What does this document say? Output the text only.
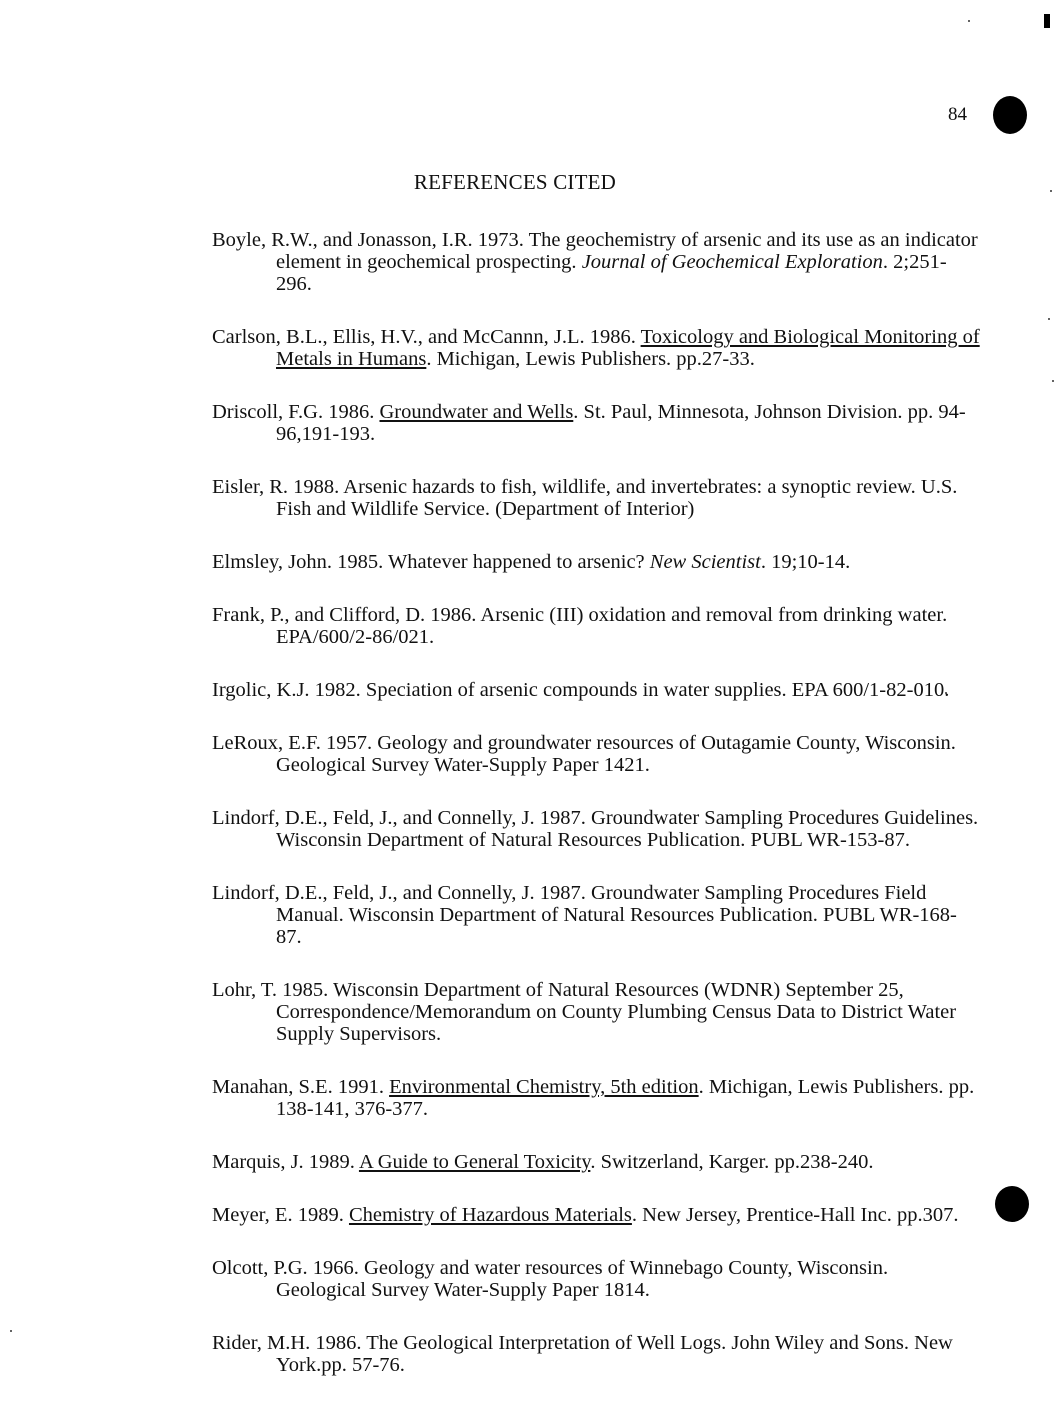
84
REFERENCES CITED
Boyle, R.W., and Jonasson, I.R. 1973. The geochemistry of arsenic and its use as an indicator element in geochemical prospecting. Journal of Geochemical Exploration. 2;251-296.
Carlson, B.L., Ellis, H.V., and McCannn, J.L. 1986. Toxicology and Biological Monitoring of Metals in Humans. Michigan, Lewis Publishers. pp.27-33.
Driscoll, F.G. 1986. Groundwater and Wells. St. Paul, Minnesota, Johnson Division. pp. 94-96,191-193.
Eisler, R. 1988. Arsenic hazards to fish, wildlife, and invertebrates: a synoptic review. U.S. Fish and Wildlife Service. (Department of Interior)
Elmsley, John. 1985. Whatever happened to arsenic? New Scientist. 19;10-14.
Frank, P., and Clifford, D. 1986. Arsenic (III) oxidation and removal from drinking water. EPA/600/2-86/021.
Irgolic, K.J. 1982. Speciation of arsenic compounds in water supplies. EPA 600/1-82-010.
LeRoux, E.F. 1957. Geology and groundwater resources of Outagamie County, Wisconsin. Geological Survey Water-Supply Paper 1421.
Lindorf, D.E., Feld, J., and Connelly, J. 1987. Groundwater Sampling Procedures Guidelines. Wisconsin Department of Natural Resources Publication. PUBL WR-153-87.
Lindorf, D.E., Feld, J., and Connelly, J. 1987. Groundwater Sampling Procedures Field Manual. Wisconsin Department of Natural Resources Publication. PUBL WR-168-87.
Lohr, T. 1985. Wisconsin Department of Natural Resources (WDNR) September 25, Correspondence/Memorandum on County Plumbing Census Data to District Water Supply Supervisors.
Manahan, S.E. 1991. Environmental Chemistry, 5th edition. Michigan, Lewis Publishers. pp. 138-141, 376-377.
Marquis, J. 1989. A Guide to General Toxicity. Switzerland, Karger. pp.238-240.
Meyer, E. 1989. Chemistry of Hazardous Materials. New Jersey, Prentice-Hall Inc. pp.307.
Olcott, P.G. 1966. Geology and water resources of Winnebago County, Wisconsin. Geological Survey Water-Supply Paper 1814.
Rider, M.H. 1986. The Geological Interpretation of Well Logs. John Wiley and Sons. New York.pp. 57-76.
